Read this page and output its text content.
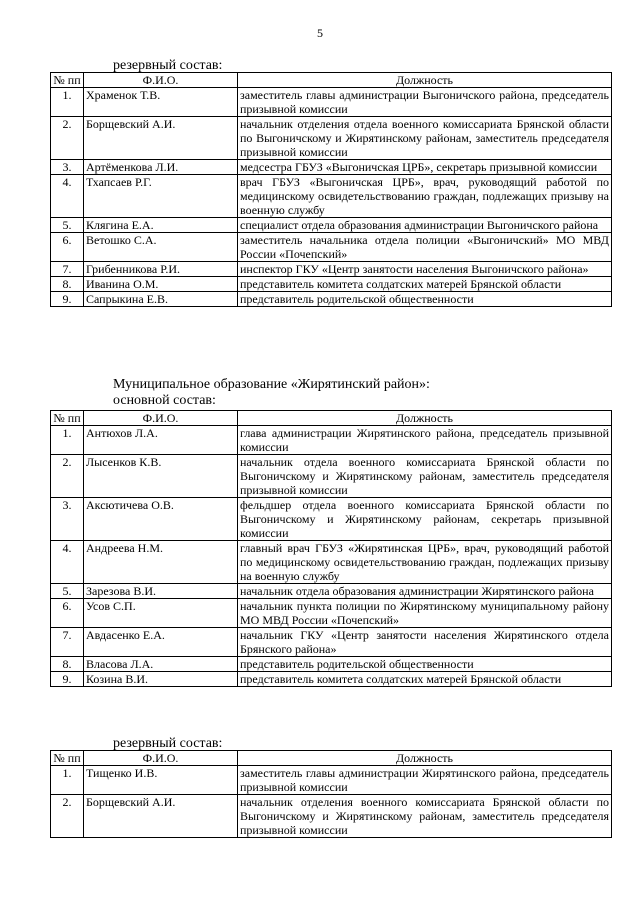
5
резервный состав:
№ пп	Ф.И.О.	Должность
1.	Храменок Т.В.	заместитель главы администрации Выгоничского района, председатель призывной комиссии
2.	Борщевский А.И.	начальник отделения отдела военного комиссариата Брянской области по Выгоничскому и Жирятинскому районам, заместитель председателя призывной комиссии
3.	Артёменкова Л.И.	медсестра ГБУЗ «Выгоничская ЦРБ», секретарь призывной комиссии
4.	Тхапсаев Р.Г.	врач ГБУЗ «Выгоничская ЦРБ», врач, руководящий работой по медицинскому освидетельствованию граждан, подлежащих призыву на военную службу
5.	Клягина Е.А.	специалист отдела образования администрации Выгоничского района
6.	Ветошко С.А.	заместитель начальника отдела полиции «Выгоничский» МО МВД России «Почепский»
7.	Грибенникова Р.И.	инспектор ГКУ «Центр занятости населения Выгоничского района»
8.	Иванина О.М.	представитель комитета солдатских матерей Брянской области
9.	Сапрыкина Е.В.	представитель родительской общественности
Муниципальное образование «Жирятинский район»:
основной состав:
№ пп	Ф.И.О.	Должность
1.	Антюхов Л.А.	глава администрации Жирятинского района, председатель призывной комиссии
2.	Лысенков К.В.	начальник отдела военного комиссариата Брянской области по Выгоничскому и Жирятинскому районам, заместитель председателя призывной комиссии
3.	Аксютичева О.В.	фельдшер отдела военного комиссариата Брянской области по Выгоничскому и Жирятинскому районам, секретарь призывной комиссии
4.	Андреева Н.М.	главный врач ГБУЗ «Жирятинская ЦРБ», врач, руководящий работой по медицинскому освидетельствованию граждан, подлежащих призыву на военную службу
5.	Зарезова В.И.	начальник отдела образования администрации Жирятинского района
6.	Усов С.П.	начальник пункта полиции по Жирятинскому муниципальному району МО МВД России «Почепский»
7.	Авдасенко Е.А.	начальник ГКУ «Центр занятости населения Жирятинского отдела Брянского района»
8.	Власова Л.А.	представитель родительской общественности
9.	Козина В.И.	представитель комитета солдатских матерей Брянской области
резервный состав:
№ пп	Ф.И.О.	Должность
1.	Тищенко И.В.	заместитель главы администрации Жирятинского района, председатель призывной комиссии
2.	Борщевский А.И.	начальник отделения военного комиссариата Брянской области по Выгоничскому и Жирятинскому районам, заместитель председателя призывной комиссии
